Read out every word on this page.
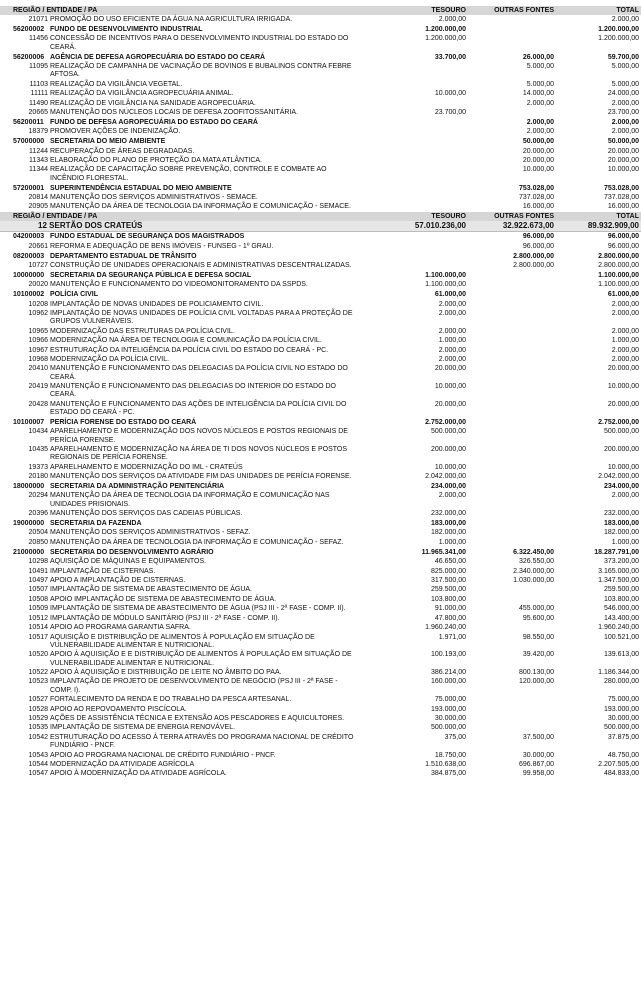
REGIÃO / ENTIDADE / PA		TESOURO	OUTRAS FONTES	TOTAL
21071	PROMOÇÃO DO USO EFICIENTE DA ÁGUA NA AGRICULTURA IRRIGADA.	2.000,00		2.000,00
56200002	FUNDO DE DESENVOLVIMENTO INDUSTRIAL	1.200.000,00		1.200.000,00
11456	CONCESSÃO DE INCENTIVOS PARA O DESENVOLVIMENTO INDUSTRIAL DO ESTADO DO CEARÁ.	1.200.000,00		1.200.000,00
56200006	AGÊNCIA DE DEFESA AGROPECUÁRIA DO ESTADO DO CEARÁ	33.700,00	26.000,00	59.700,00
11095	REALIZAÇÃO DE CAMPANHA DE VACINAÇÃO DE BOVINOS E BUBALINOS CONTRA FEBRE AFTOSA.		5.000,00	5.000,00
11103	REALIZAÇÃO DA VIGILÂNCIA VEGETAL.		5.000,00	5.000,00
11111	REALIZAÇÃO DA VIGILÂNCIA AGROPECUÁRIA ANIMAL.	10.000,00	14.000,00	24.000,00
11490	REALIZAÇÃO DE VIGILÂNCIA NA SANIDADE AGROPECUÁRIA.		2.000,00	2.000,00
20665	MANUTENÇÃO DOS NÚCLEOS LOCAIS DE DEFESA ZOOFITOSSANITÁRIA.	23.700,00		23.700,00
56200011	FUNDO DE DEFESA AGROPECUÁRIA DO ESTADO DO CEARÁ		2.000,00	2.000,00
18379	PROMOVER AÇÕES DE INDENIZAÇÃO.		2.000,00	2.000,00
57000000	SECRETARIA DO MEIO AMBIENTE		50.000,00	50.000,00
11244	RECUPERAÇÃO DE ÁREAS DEGRADADAS.		20.000,00	20.000,00
11343	ELABORAÇÃO DO PLANO DE PROTEÇÃO DA MATA ATLÂNTICA.		20.000,00	20.000,00
11344	REALIZAÇÃO DE CAPACITAÇÃO SOBRE PREVENÇÃO, CONTROLE E COMBATE AO INCÊNDIO FLORESTAL.		10.000,00	10.000,00
57200001	SUPERINTENDÊNCIA ESTADUAL DO MEIO AMBIENTE		753.028,00	753.028,00
20814	MANUTENÇÃO DOS SERVIÇOS ADMINISTRATIVOS - SEMACE.		737.028,00	737.028,00
20905	MANUTENÇÃO DA ÁREA DE TECNOLOGIA DA INFORMAÇÃO E COMUNICAÇÃO - SEMACE.		16.000,00	16.000,00
REGIÃO / ENTIDADE / PA		TESOURO	OUTRAS FONTES	TOTAL
12 SERTÃO DOS CRATEÚS		57.010.236,00	32.922.673,00	89.932.909,00
04200003	FUNDO ESTADUAL DE SEGURANÇA DOS MAGISTRADOS		96.000,00	96.000,00
20661	REFORMA E ADEQUAÇÃO DE BENS IMÓVEIS - FUNSEG - 1º GRAU.		96.000,00	96.000,00
08200003	DEPARTAMENTO ESTADUAL DE TRÂNSITO		2.800.000,00	2.800.000,00
10727	CONSTRUÇÃO DE UNIDADES OPERACIONAIS E ADMINISTRATIVAS DESCENTRALIZADAS.		2.800.000,00	2.800.000,00
10000000	SECRETARIA DA SEGURANÇA PÚBLICA E DEFESA SOCIAL	1.100.000,00		1.100.000,00
20020	MANUTENÇÃO E FUNCIONAMENTO DO VIDEOMONITORAMENTO DA SSPDS.	1.100.000,00		1.100.000,00
10100002	POLÍCIA CIVIL	61.000,00		61.000,00
10208	IMPLANTAÇÃO DE NOVAS UNIDADES DE POLICIAMENTO CIVIL.	2.000,00		2.000,00
10962	IMPLANTAÇÃO DE NOVAS UNIDADES DE POLÍCIA CIVIL VOLTADAS PARA A PROTEÇÃO DE GRUPOS VULNERÁVEIS.	2.000,00		2.000,00
10965	MODERNIZAÇÃO DAS ESTRUTURAS DA POLÍCIA CIVIL.	2.000,00		2.000,00
10966	MODERNIZAÇÃO NA ÁREA DE TECNOLOGIA E COMUNICAÇÃO DA POLÍCIA CIVIL.	1.000,00		1.000,00
10967	ESTRUTURAÇÃO DA INTELIGÊNCIA DA POLÍCIA CIVIL DO ESTADO DO CEARÁ - PC.	2.000,00		2.000,00
10968	MODERNIZAÇÃO DA POLÍCIA CIVIL.	2.000,00		2.000,00
20410	MANUTENÇÃO E FUNCIONAMENTO DAS DELEGACIAS DA POLÍCIA CIVIL NO ESTADO DO CEARÁ.	20.000,00		20.000,00
20419	MANUTENÇÃO E FUNCIONAMENTO DAS DELEGACIAS DO INTERIOR DO ESTADO DO CEARÁ.	10.000,00		10.000,00
20428	MANUTENÇÃO E FUNCIONAMENTO DAS AÇÕES DE INTELIGÊNCIA DA POLÍCIA CIVIL DO ESTADO DO CEARÁ - PC.	20.000,00		20.000,00
10100007	PERÍCIA FORENSE DO ESTADO DO CEARÁ	2.752.000,00		2.752.000,00
10434	APARELHAMENTO E MODERNIZAÇÃO DOS NOVOS NÚCLEOS E POSTOS REGIONAIS DE PERÍCIA FORENSE.	500.000,00		500.000,00
10435	APARELHAMENTO E MODERNIZAÇÃO NA ÁREA DE TI DOS NOVOS NÚCLEOS E POSTOS REGIONAIS DE PERÍCIA FORENSE.	200.000,00		200.000,00
19373	APARELHAMENTO E MODERNIZAÇÃO DO IML - CRATEÚS	10.000,00		10.000,00
20180	MANUTENÇÃO DOS SERVIÇOS DA ATIVIDADE FIM DAS UNIDADES DE PERÍCIA FORENSE.	2.042.000,00		2.042.000,00
18000000	SECRETARIA DA ADMINISTRAÇÃO PENITENCIÁRIA	234.000,00		234.000,00
20294	MANUTENÇÃO DA ÁREA DE TECNOLOGIA DA INFORMAÇÃO E COMUNICAÇÃO NAS UNIDADES PRISIONAIS.	2.000,00		2.000,00
20396	MANUTENÇÃO DOS SERVIÇOS DAS CADEIAS PÚBLICAS.	232.000,00		232.000,00
19000000	SECRETARIA DA FAZENDA	183.000,00		183.000,00
20504	MANUTENÇÃO DOS SERVIÇOS ADMINISTRATIVOS - SEFAZ.	182.000,00		182.000,00
20850	MANUTENÇÃO DA ÁREA DE TECNOLOGIA DA INFORMAÇÃO E COMUNICAÇÃO - SEFAZ.	1.000,00		1.000,00
21000000	SECRETARIA DO DESENVOLVIMENTO AGRÁRIO	11.965.341,00	6.322.450,00	18.287.791,00
10298	AQUISIÇÃO DE MÁQUINAS E EQUIPAMENTOS.	46.650,00	326.550,00	373.200,00
10491	IMPLANTAÇÃO DE CISTERNAS.	825.000,00	2.340.000,00	3.165.000,00
10497	APOIO A IMPLANTAÇÃO DE CISTERNAS.	317.500,00	1.030.000,00	1.347.500,00
10507	IMPLANTAÇÃO DE SISTEMA DE ABASTECIMENTO DE ÁGUA.	259.500,00		259.500,00
10508	APOIO IMPLANTAÇÃO DE SISTEMA DE ABASTECIMENTO DE ÁGUA.	103.800,00		103.800,00
10509	IMPLANTAÇÃO DE SISTEMA DE ABASTECIMENTO DE ÁGUA (PSJ III - 2ª FASE - COMP. II).	91.000,00	455.000,00	546.000,00
10512	IMPLANTAÇÃO DE MÓDULO SANITÁRIO (PSJ III - 2ª FASE - COMP. II).	47.800,00	95.600,00	143.400,00
10514	APOIO AO PROGRAMA GARANTIA SAFRA.	1.960.240,00		1.960.240,00
10517	AQUISIÇÃO E DISTRIBUIÇÃO DE ALIMENTOS À POPULAÇÃO EM SITUAÇÃO DE VULNERABILIDADE ALIMENTAR E NUTRICIONAL.	1.971,00	98.550,00	100.521,00
10520	APOIO À AQUISIÇÃO E E DISTRIBUIÇÃO DE ALIMENTOS À POPULAÇÃO EM SITUAÇÃO DE VULNERABILIDADE ALIMENTAR E NUTRICIONAL.	100.193,00	39.420,00	139.613,00
10522	APOIO À AQUISIÇÃO E DISTRIBUIÇÃO DE LEITE NO ÂMBITO DO PAA.	386.214,00	800.130,00	1.186.344,00
10523	IMPLANTAÇÃO DE PROJETO DE DESENVOLVIMENTO DE NEGÓCIO (PSJ III - 2ª FASE - COMP. I).	160.000,00	120.000,00	280.000,00
10527	FORTALECIMENTO DA RENDA E DO TRABALHO DA PESCA ARTESANAL.	75.000,00		75.000,00
10528	APOIO AO REPOVOAMENTO PISCÍCOLA.	193.000,00		193.000,00
10529	AÇÕES DE ASSISTÊNCIA TÉCNICA E EXTENSÃO AOS PESCADORES E AQUICULTORES.	30.000,00		30.000,00
10535	IMPLANTAÇÃO DE SISTEMA DE ENERGIA RENOVÁVEL.	500.000,00		500.000,00
10542	ESTRUTURAÇÃO DO ACESSO À TERRA ATRAVÉS DO PROGRAMA NACIONAL DE CRÉDITO FUNDIÁRIO - PNCF.	375,00	37.500,00	37.875,00
10543	APOIO AO PROGRAMA NACIONAL DE CRÉDITO FUNDIÁRIO - PNCF.	18.750,00	30.000,00	48.750,00
10544	MODERNIZAÇÃO DA ATIVIDADE AGRÍCOLA	1.510.638,00	696.867,00	2.207.505,00
10547	APOIO À MODERNIZAÇÃO DA ATIVIDADE AGRÍCOLA.	384.875,00	99.958,00	484.833,00
